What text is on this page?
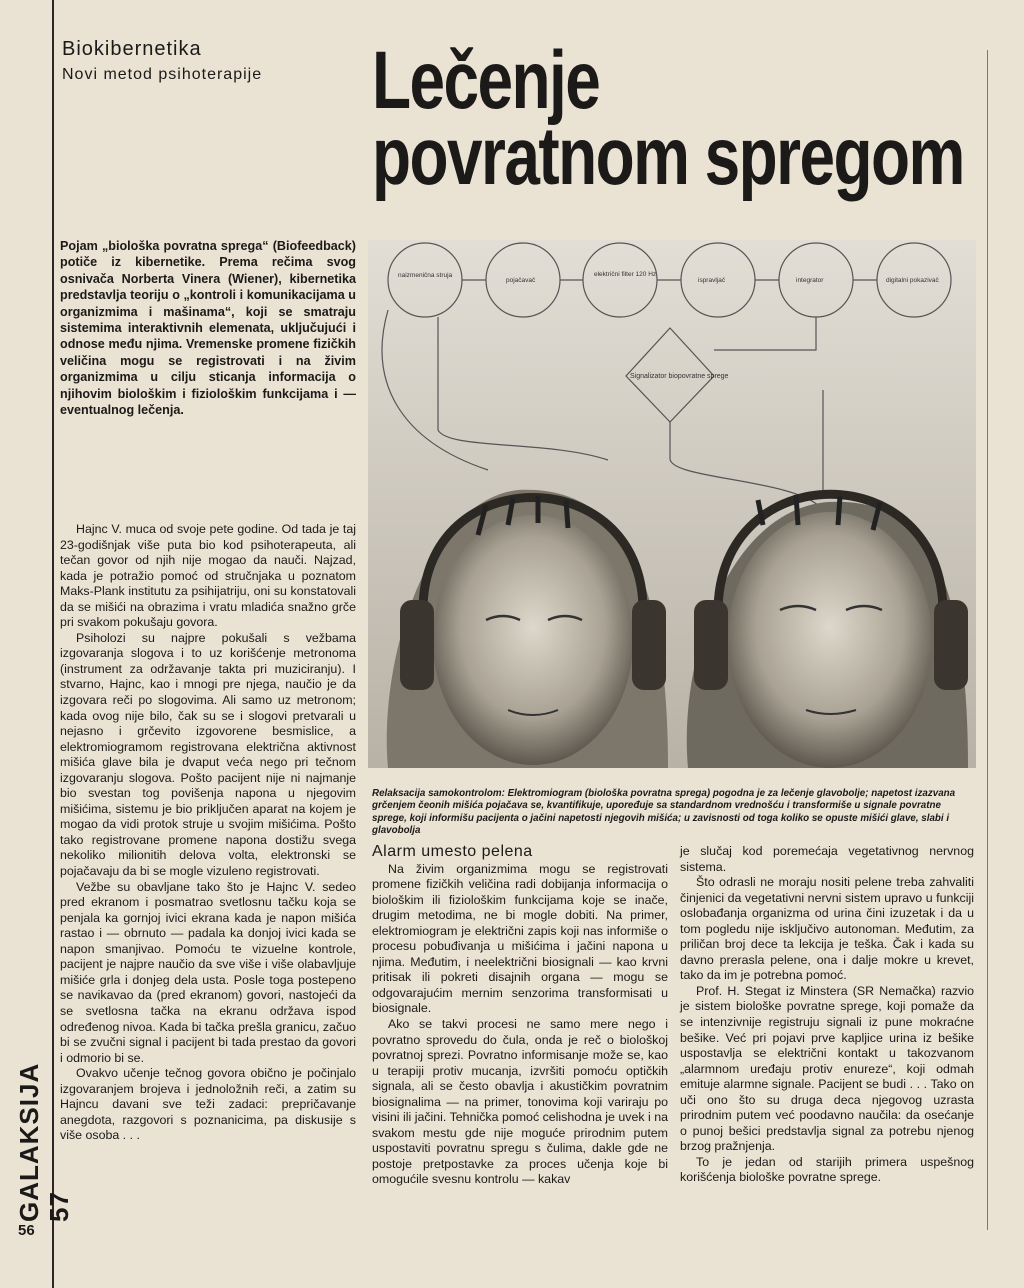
GALAKSIJA 57
56
Biokibernetika
Novi metod psihoterapije Lečenje
povratnom spregom
Pojam „biološka povratna sprega“ (Biofeedback) potiče iz kibernetike. Prema rečima svog osnivača Norberta Vinera (Wiener), kibernetika predstavlja teoriju o „kontroli i komunikacijama u organizmima i mašinama“, koji se smatraju sistemima interaktivnih elemenata, uključujući i odnose među njima. Vremenske promene fizičkih veličina mogu se registrovati i na živim organizmima u cilju sticanja informacija o njihovim biološkim i fiziološkim funkcijama i — eventualnog lečenja.
naizmenična struja
pojačavač
električni filter 120 Hz
ispravljač	integrator	digitalni pokazivač
Signalizator biopovratne sprege
Relaksacija samokontrolom: Elektromiogram (biološka povratna sprega) pogodna je za lečenje glavobolje; napetost izazvana grčenjem čeonih mišića pojačava se, kvantifikuje, upoređuje sa standardnom vrednošću i transformiše u signale povratne sprege, koji informišu pacijenta o jačini napetosti njegovih mišića; u zavisnosti od toga koliko se opuste mišići glave, slabi i glavobolja

Hajnc V. muca od svoje pete godine. Od tada je taj 23-godišnjak više puta bio kod psihoterapeuta, ali tečan govor od njih nije mogao da nauči. Najzad, kada je potražio pomoć od stručnjaka u poznatom Maks-Plank institutu za psihijatriju, oni su konstatovali da se mišići na obrazima i vratu mladića snažno grče pri svakom pokušaju govora.

Psiholozi su najpre pokušali s vežbama izgovaranja slogova i to uz korišćenje metronoma (instrument za održavanje takta pri muziciranju). I stvarno, Hajnc, kao i mnogi pre njega, naučio je da izgovara reči po slogovima. Ali samo uz metronom; kada ovog nije bilo, čak su se i slogovi pretvarali u nejasno i grčevito izgovorene besmislice, a elektromiogramom registrovana električna aktivnost mišića glave bila je dvaput veća nego pri tečnom izgovaranju slogova. Pošto pacijent nije ni najmanje bio svestan tog povišenja napona u njegovim mišićima, sistemu je bio priključen aparat na kojem je mogao da vidi protok struje u svojim mišićima. Pošto tako registrovane promene napona dostižu svega nekoliko milionitih delova volta, elektronski se pojačavaju da bi se mogle vizuleno registrovati.

Vežbe su obavljane tako što je Hajnc V. sedeo pred ekranom i posmatrao svetlosnu tačku koja se penjala ka gornjoj ivici ekrana kada je napon mišića rastao i — obrnuto — padala ka donjoj ivici kada se napon smanjivao. Pomoću te vizuelne kontrole, pacijent je najpre naučio da sve više i više olabavljuje mišiće grla i donjeg dela usta. Posle toga postepeno se navikavao da (pred ekranom) govori, nastojeći da se svetlosna tačka na ekranu održava ispod određenog nivoa. Kada bi tačka prešla granicu, začuo bi se zvučni signal i pacijent bi tada prestao da govori i odmorio bi se.

Ovakvo učenje tečnog govora obično je počinjalo izgovaranjem brojeva i jednoložnih reči, a zatim su Hajncu davani sve teži zadaci: prepričavanje anegdota, razgovori s poznanicima, pa diskusije s više osoba . . .

Alarm umesto pelena

Na živim organizmima mogu se registrovati promene fizičkih veličina radi dobijanja informacija o biološkim ili fiziološkim funkcijama koje se inače, drugim metodima, ne bi mogle dobiti. Na primer, elektromiogram je električni zapis koji nas informiše o procesu pobuđivanja u mišićima i jačini napona u njima. Međutim, i neelektrični biosignali — kao krvni pritisak ili pokreti disajnih organa — mogu se odgovarajućim mernim senzorima transformisati u biosignale.

Ako se takvi procesi ne samo mere nego i povratno sprovedu do čula, onda je reč o biološkoj povratnoj sprezi. Povratno informisanje može se, kao u terapiji protiv mucanja, izvršiti pomoću optičkih signala, ali se često obavlja i akustičkim povratnim biosignalima — na primer, tonovima koji variraju po visini ili jačini. Tehnička pomoć celishodna je uvek i na svakom mestu gde nije moguće prirodnim putem uspostaviti povratnu spregu s čulima, dakle gde ne postoje pretpostavke za proces učenja koje bi omogućile svesnu kontrolu — kakav

je slučaj kod poremećaja vegetativnog nervnog sistema.

Što odrasli ne moraju nositi pelene treba zahvaliti činjenici da vegetativni nervni sistem upravo u funkciji oslobađanja organizma od urina čini izuzetak i da u tom pogledu nije isključivo autonoman. Međutim, za priličan broj dece ta lekcija je teška. Čak i kada su davno prerasla pelene, ona i dalje mokre u krevet, tako da im je potrebna pomoć.

Prof. H. Stegat iz Minstera (SR Nemačka) razvio je sistem biološke povratne sprege, koji pomaže da se intenzivnije registruju signali iz pune mokraćne bešike. Već pri pojavi prve kapljice urina iz bešike uspostavlja se električni kontakt u takozvanom „alarmnom uređaju protiv enureze“, koji odmah emituje alarmne signale. Pacijent se budi . . . Tako on uči ono što su druga deca njegovog uzrasta prirodnim putem već poodavno naučila: da osećanje o punoj bešici predstavlja signal za potrebu njenog brzog pražnjenja.

To je jedan od starijih primera uspešnog korišćenja biološke povratne sprege.
